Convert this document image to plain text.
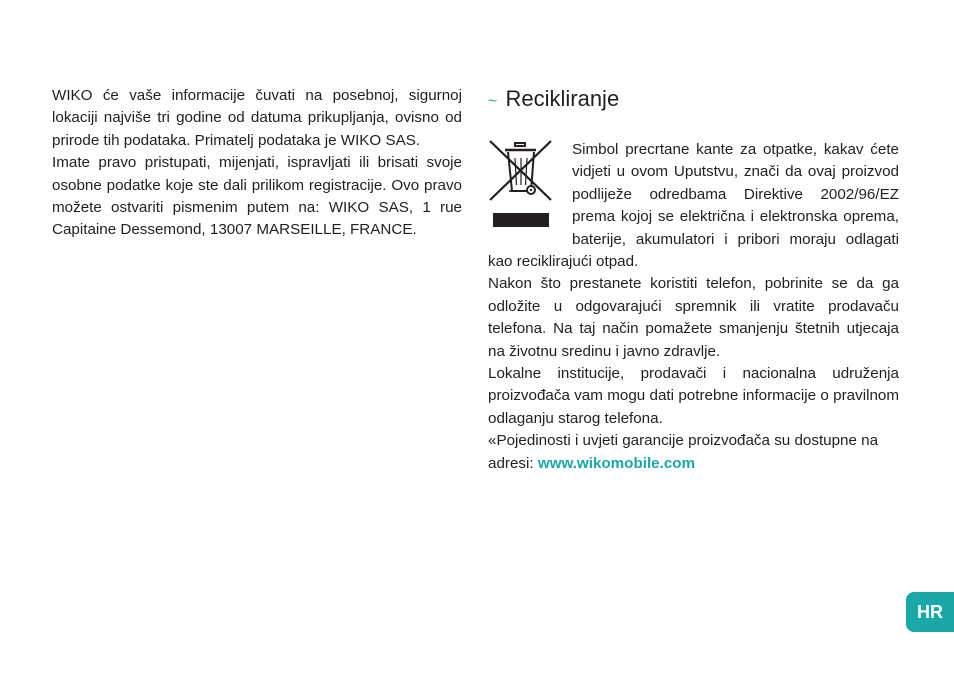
WIKO će vaše informacije čuvati na posebnoj, sigurnoj lokaciji najviše tri godine od datuma prikupljanja, ovisno od prirode tih podataka. Primatelj podataka je WIKO SAS.

Imate pravo pristupati, mijenjati, ispravljati ili brisati svoje osobne podatke koje ste dali prilikom registracije. Ovo pravo možete ostvariti pismenim putem na: WIKO SAS, 1 rue Capitaine Dessemond, 13007 MARSEILLE, FRANCE.

~ Recikliranje

Simbol precrtane kante za otpatke, kakav ćete vidjeti u ovom Uputstvu, znači da ovaj proizvod podliježe odredbama Direktive 2002/96/EZ prema kojoj se električna i elektronska oprema, baterije, akumulatori i pribori moraju odlagati kao reciklirajući otpad.

Nakon što prestanete koristiti telefon, pobrinite se da ga odložite u odgovarajući spremnik ili vratite prodavaču telefona. Na taj način pomažete smanjenju štetnih utjecaja na životnu sredinu i javno zdravlje.

Lokalne institucije, prodavači i nacionalna udruženja proizvođača vam mogu dati potrebne informacije o pravilnom odlaganju starog telefona.

«Pojedinosti i uvjeti garancije proizvođača su dostupne na adresi: www.wikomobile.com

HR
